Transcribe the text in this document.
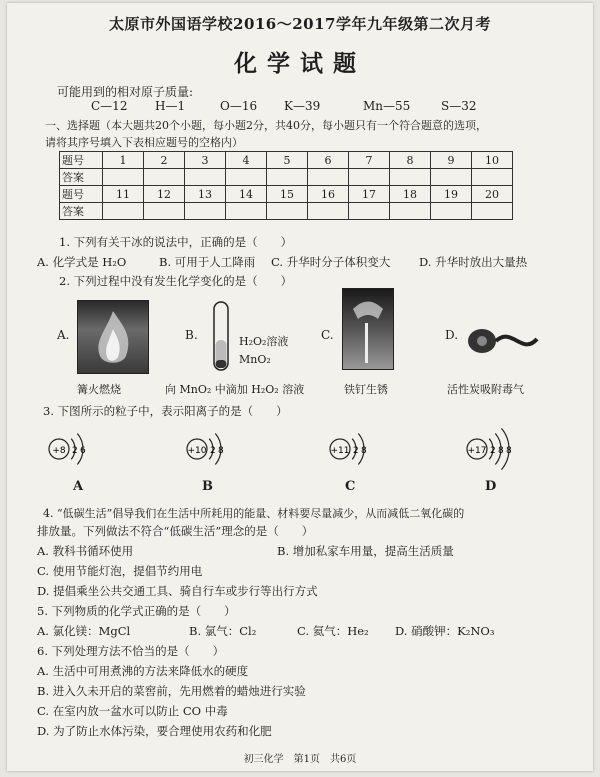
太原市外国语学校2016～2017学年九年级第二次月考
化学试题
可能用到的相对原子质量:
C—12 H—1	O—16 K—39	Mn—55	S—32
一、选择题（本大题共20个小题，每小题2分，共40分，每小题只有一个符合题意的选项，
请将其序号填入下表相应题号的空格内）
题号	1	2	3	4	5	6	7	8	9	10
答案										
题号	11	12	13	14	15	16	17	18	19	20
答案										
1. 下列有关干冰的说法中，正确的是（　　）
A. 化学式是 H₂O	B. 可用于人工降雨 C. 升华时分子体积变大	D. 升华时放出大量热
2. 下列过程中没有发生化学变化的是（　　）
A.	B.	H₂O₂溶液
MnO₂
C.	D.
篝火燃烧	向 MnO₂ 中滴加 H₂O₂ 溶液	铁钉生锈	活性炭吸附毒气
3. 下图所示的粒子中，表示阳离子的是（　　）
+8 2 6	+10 2 8	+11 2 8	+17 2 8 8
A	B	C	D
4. “低碳生活”倡导我们在生活中所耗用的能量、材料要尽量减少，从而减低二氧化碳的
排放量。下列做法不符合“低碳生活”理念的是（　　）
A. 教科书循环使用	B. 增加私家车用量，提高生活质量
C. 使用节能灯泡，提倡节约用电
D. 提倡乘坐公共交通工具、骑自行车或步行等出行方式
5. 下列物质的化学式正确的是（　　）
A. 氯化镁：MgCl	B. 氯气：Cl₂	C. 氦气：He₂ D. 硝酸钾：K₂NO₃
6. 下列处理方法不恰当的是（　　）
A. 生活中可用煮沸的方法来降低水的硬度
B. 进入久未开启的菜窖前，先用燃着的蜡烛进行实验
C. 在室内放一盆水可以防止 CO 中毒
D. 为了防止水体污染，要合理使用农药和化肥
初三化学　第1页　共6页
